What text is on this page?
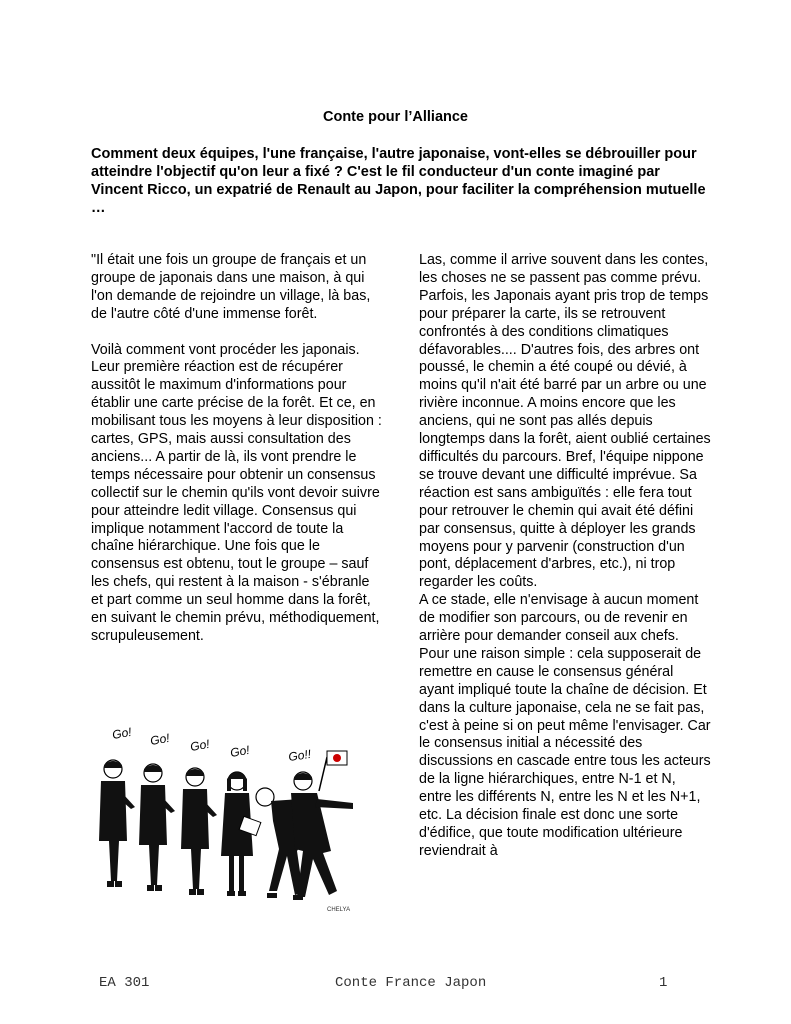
Conte pour l’Alliance

Comment deux équipes, l'une française, l'autre japonaise, vont-elles se débrouiller pour atteindre l'objectif qu'on leur a fixé ? C'est le fil conducteur d'un conte imaginé par Vincent Ricco, un expatrié de Renault au Japon, pour faciliter la compréhension mutuelle …

"Il était une fois un groupe de français et un groupe de japonais dans une maison, à qui l'on demande de rejoindre un village, là bas, de l'autre côté d'une immense forêt.

Voilà comment vont procéder les japonais. Leur première réaction est de récupérer aussitôt le maximum d'informations pour établir une carte précise de la forêt. Et ce, en mobilisant tous les moyens à leur disposition : cartes, GPS, mais aussi consultation des anciens... A partir de là, ils vont prendre le temps nécessaire pour obtenir un consensus collectif sur le chemin qu'ils vont devoir suivre pour atteindre ledit village. Consensus qui implique notamment l'accord de toute la chaîne hiérarchique. Une fois que le consensus est obtenu, tout le groupe – sauf les chefs, qui restent à la maison - s'ébranle et part comme un seul homme dans la forêt, en suivant le chemin prévu, méthodiquement, scrupuleusement.

Las, comme il arrive souvent dans les contes, les choses ne se passent pas comme prévu. Parfois, les Japonais ayant pris trop de temps pour préparer la carte, ils se retrouvent confrontés à des conditions climatiques défavorables.... D'autres fois, des arbres ont poussé, le chemin a été coupé ou dévié, à moins qu'il n'ait été barré par un arbre ou une rivière inconnue. A moins encore que les anciens, qui ne sont pas allés depuis longtemps dans la forêt, aient oublié certaines difficultés du parcours. Bref, l'équipe nippone se trouve devant une difficulté imprévue. Sa réaction est sans ambiguïtés : elle fera tout pour retrouver le chemin qui avait été défini par consensus, quitte à déployer les grands moyens pour y parvenir (construction d'un pont, déplacement d'arbres, etc.), ni trop regarder les coûts.

A ce stade, elle n'envisage à aucun moment de modifier son parcours, ou de revenir en arrière pour demander conseil aux chefs. Pour une raison simple : cela supposerait de remettre en cause le consensus général ayant impliqué toute la chaîne de décision. Et dans la culture japonaise, cela ne se fait pas, c'est à peine si on peut même l'envisager. Car le consensus initial a nécessité des discussions en cascade entre tous les acteurs de la ligne hiérarchiques, entre N-1 et N, entre les différents N, entre les N et les N+1, etc. La décision finale est donc une sorte d'édifice, que toute modification ultérieure reviendrait à

Go! Go! Go! Go!	Go!!
CHELYA
EA 301	Conte France Japon	1
